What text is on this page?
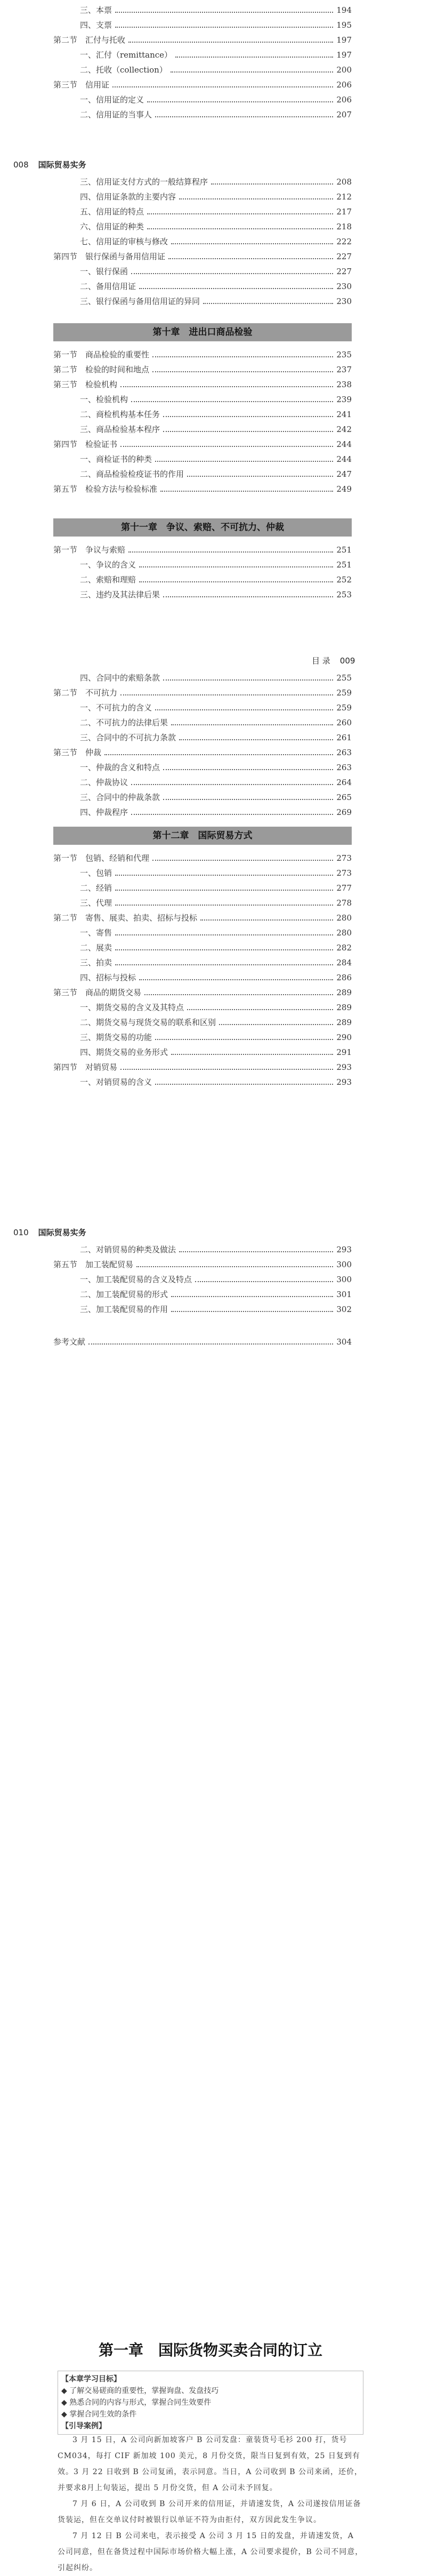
三、本票	194
四、支票	195
第二节 汇付与托收	197
一、汇付（remittance）	197
二、托收（collection）	200
第三节 信用证	206
一、信用证的定义	206
二、信用证的当事人	207
008 国际贸易实务
三、信用证支付方式的一般结算程序	208
四、信用证条款的主要内容	212
五、信用证的特点	217
六、信用证的种类	218
七、信用证的审核与修改	222
第四节 银行保函与备用信用证	227
一、银行保函	227
二、备用信用证	230
三、银行保函与备用信用证的异同	230
第十章　进出口商品检验
第一节 商品检验的重要性	235
第二节 检验的时间和地点	237
第三节 检验机构	238
一、检验机构	239
二、商检机构基本任务	241
三、商品检验基本程序	242
第四节 检验证书	244
一、商检证书的种类	244
二、商品检验检疫证书的作用	247
第五节 检验方法与检验标准	249
第十一章　争议、索赔、不可抗力、仲裁
第一节 争议与索赔	251
一、争议的含义	251
二、索赔和理赔	252
三、违约及其法律后果	253
目 录 009
四、合同中的索赔条款	255
第二节 不可抗力	259
一、不可抗力的含义	259
二、不可抗力的法律后果	260
三、合同中的不可抗力条款	261
第三节 仲裁	263
一、仲裁的含义和特点	263
二、仲裁协议	264
三、合同中的仲裁条款	265
四、仲裁程序	269
第十二章　国际贸易方式
第一节 包销、经销和代理	273
一、包销	273
二、经销	277
三、代理	278
第二节 寄售、展卖、拍卖、招标与投标	280
一、寄售	280
二、展卖	282
三、拍卖	284
四、招标与投标	286
第三节 商品的期货交易	289
一、期货交易的含义及其特点	289
二、期货交易与现货交易的联系和区别	289
三、期货交易的功能	290
四、期货交易的业务形式	291
第四节 对销贸易	293
一、对销贸易的含义	293
010 国际贸易实务
二、对销贸易的种类及做法	293
第五节 加工装配贸易	300
一、加工装配贸易的含义及特点	300
二、加工装配贸易的形式	301
三、加工装配贸易的作用	302
参考文献	304
第一章　国际货物买卖合同的订立
【本章学习目标】
◆ 了解交易磋商的重要性，掌握询盘、发盘技巧
◆ 熟悉合同的内容与形式，掌握合同生效要件
◆ 掌握合同生效的条件
【引导案例】
3 月 15 日，A 公司向新加坡客户 B 公司发盘：童装货号毛衫 200 打，货号 CM034，每打 CIF 新加坡 100 美元，8 月份交货，限当日复到有效，25 日复到有效。3 月 22 日收到 B 公司复函，表示同意。当日，A 公司收到 B 公司来函，还价，并要求8月上旬装运，提出 5 月份交货，但 A 公司未予回复。
7 月 6 日，A 公司收到 B 公司开来的信用证，并请速发货，A 公司遂按信用证备货装运，但在交单议付时被银行以单证不符为由拒付，双方因此发生争议。
7 月 12 日 B 公司来电，表示接受 A 公司 3 月 15 日的发盘，并请速发货，A 公司同意，但在备货过程中国际市场价格大幅上涨，A 公司要求提价，B 公司不同意，引起纠纷。
